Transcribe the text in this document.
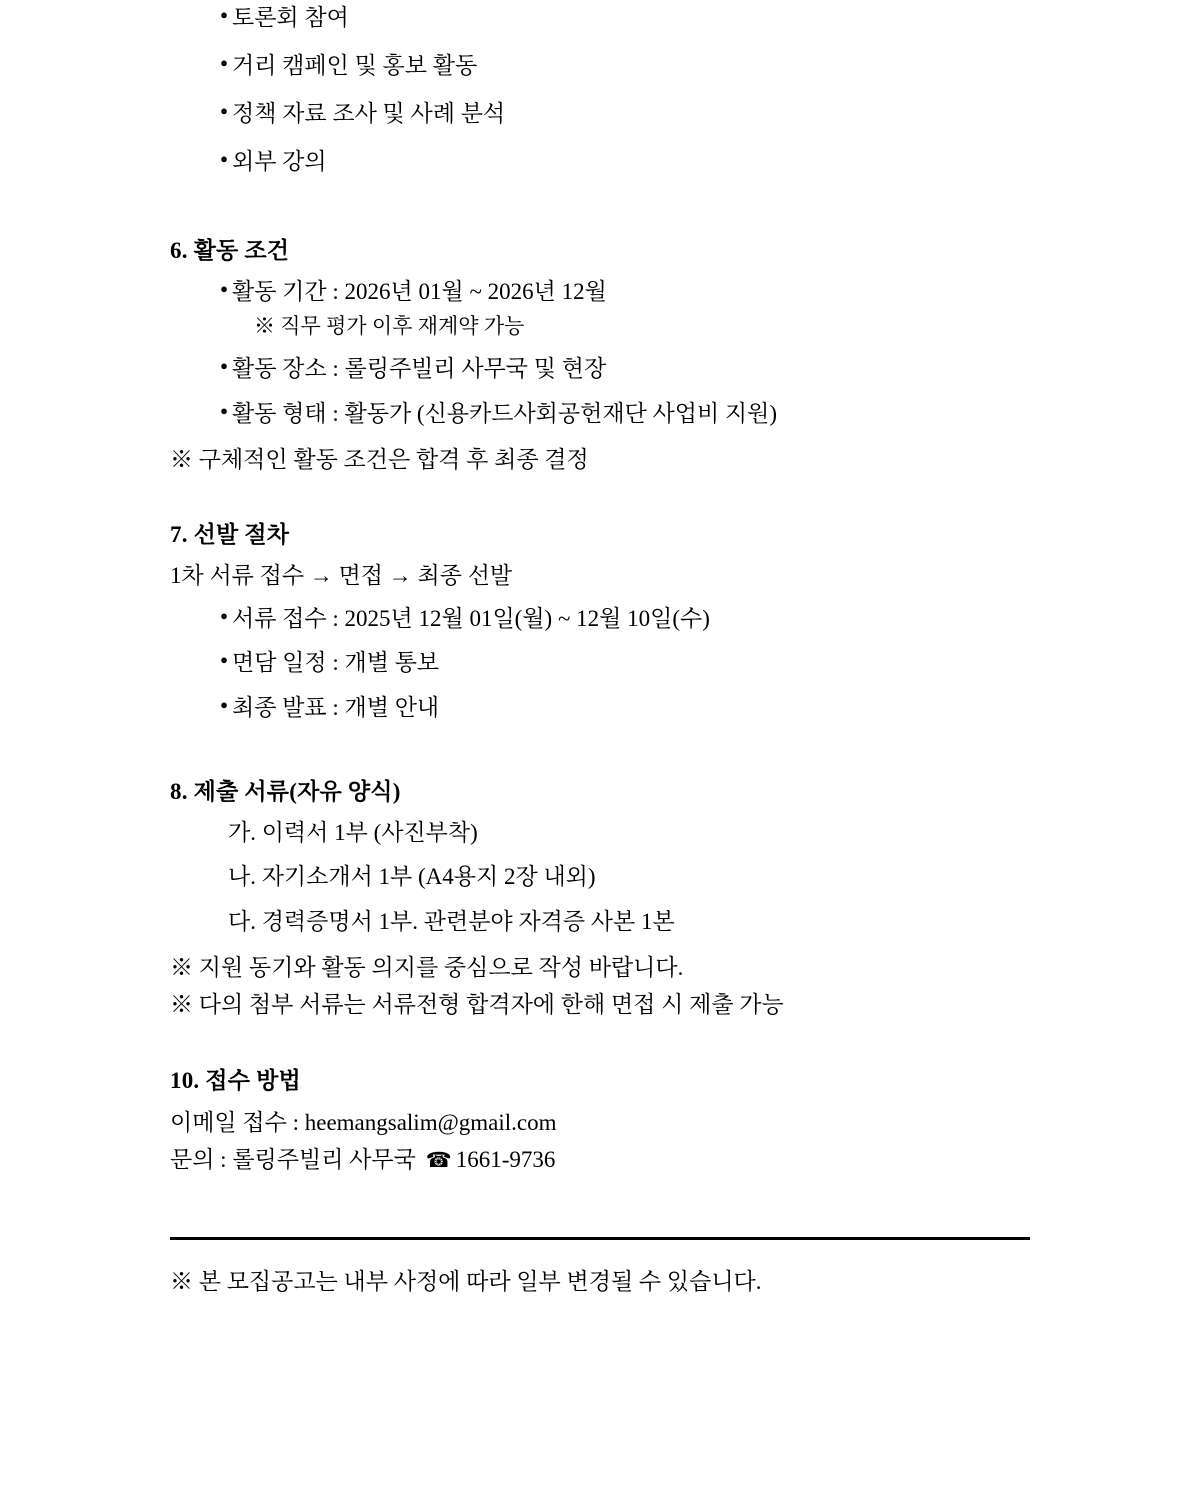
● 토론회 참여
● 거리 캠페인 및 홍보 활동
● 정책 자료 조사 및 사례 분석
● 외부 강의
6. 활동 조건
● 활동 기간 : 2026년 01월 ~ 2026년 12월
※ 직무 평가 이후 재계약 가능
● 활동 장소 : 롤링주빌리 사무국 및 현장
● 활동 형태 : 활동가 (신용카드사회공헌재단 사업비 지원)

※ 구체적인 활동 조건은 합격 후 최종 결정

7. 선발 절차

1차 서류 접수 → 면접 → 최종 선발

● 서류 접수 : 2025년 12월 01일(월) ~ 12월 10일(수)
● 면담 일정 : 개별 통보
● 최종 발표 : 개별 안내
8. 제출 서류(자유 양식)
가. 이력서 1부 (사진부착)
나. 자기소개서 1부 (A4용지 2장 내외)
다. 경력증명서 1부. 관련분야 자격증 사본 1본

※ 지원 동기와 활동 의지를 중심으로 작성 바랍니다.

※ 다의 첨부 서류는 서류전형 합격자에 한해 면접 시 제출 가능

10. 접수 방법

이메일 접수 : heemangsalim@gmail.com

문의 : 롤링주빌리 사무국 ☎ 1661-9736

※ 본 모집공고는 내부 사정에 따라 일부 변경될 수 있습니다.
